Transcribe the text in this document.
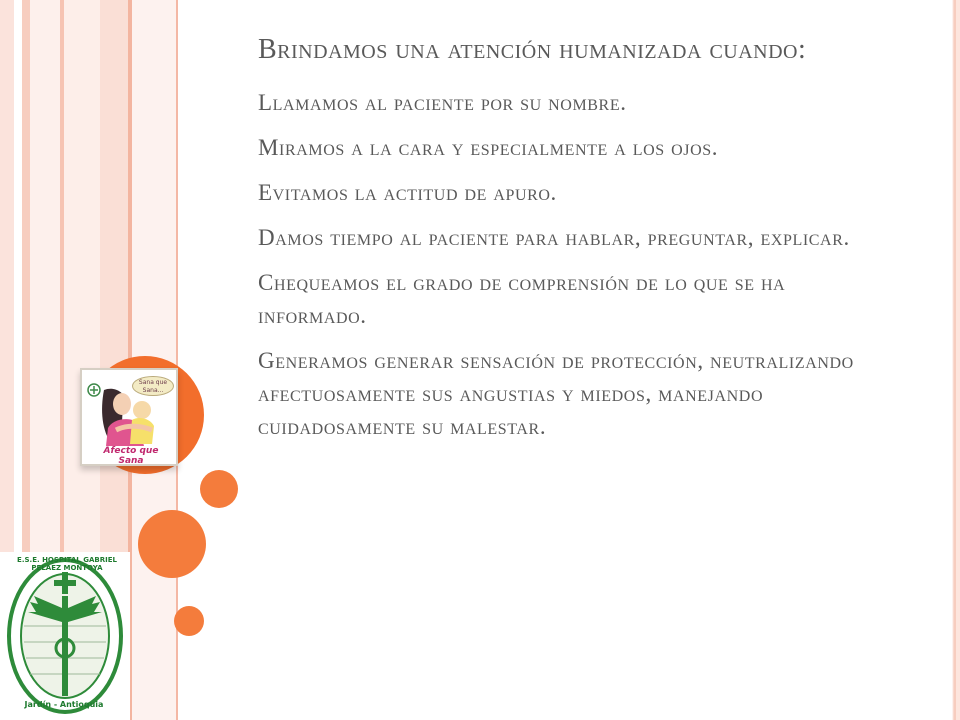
Sana que Sana...
Afecto que Sana
E.S.E. HOSPITAL GABRIEL PELAEZ MONTOYA
Jardín - Antioquia
Brindamos una atención humanizada cuando:
Llamamos al paciente por su nombre.
Miramos a la cara y especialmente a los ojos.
Evitamos la actitud de apuro.
Damos tiempo al paciente para hablar, preguntar, explicar.
Chequeamos el grado de comprensión de lo que se ha informado.
Generamos generar sensación de protección, neutralizando afectuosamente sus angustias y miedos, manejando cuidadosamente su malestar.
